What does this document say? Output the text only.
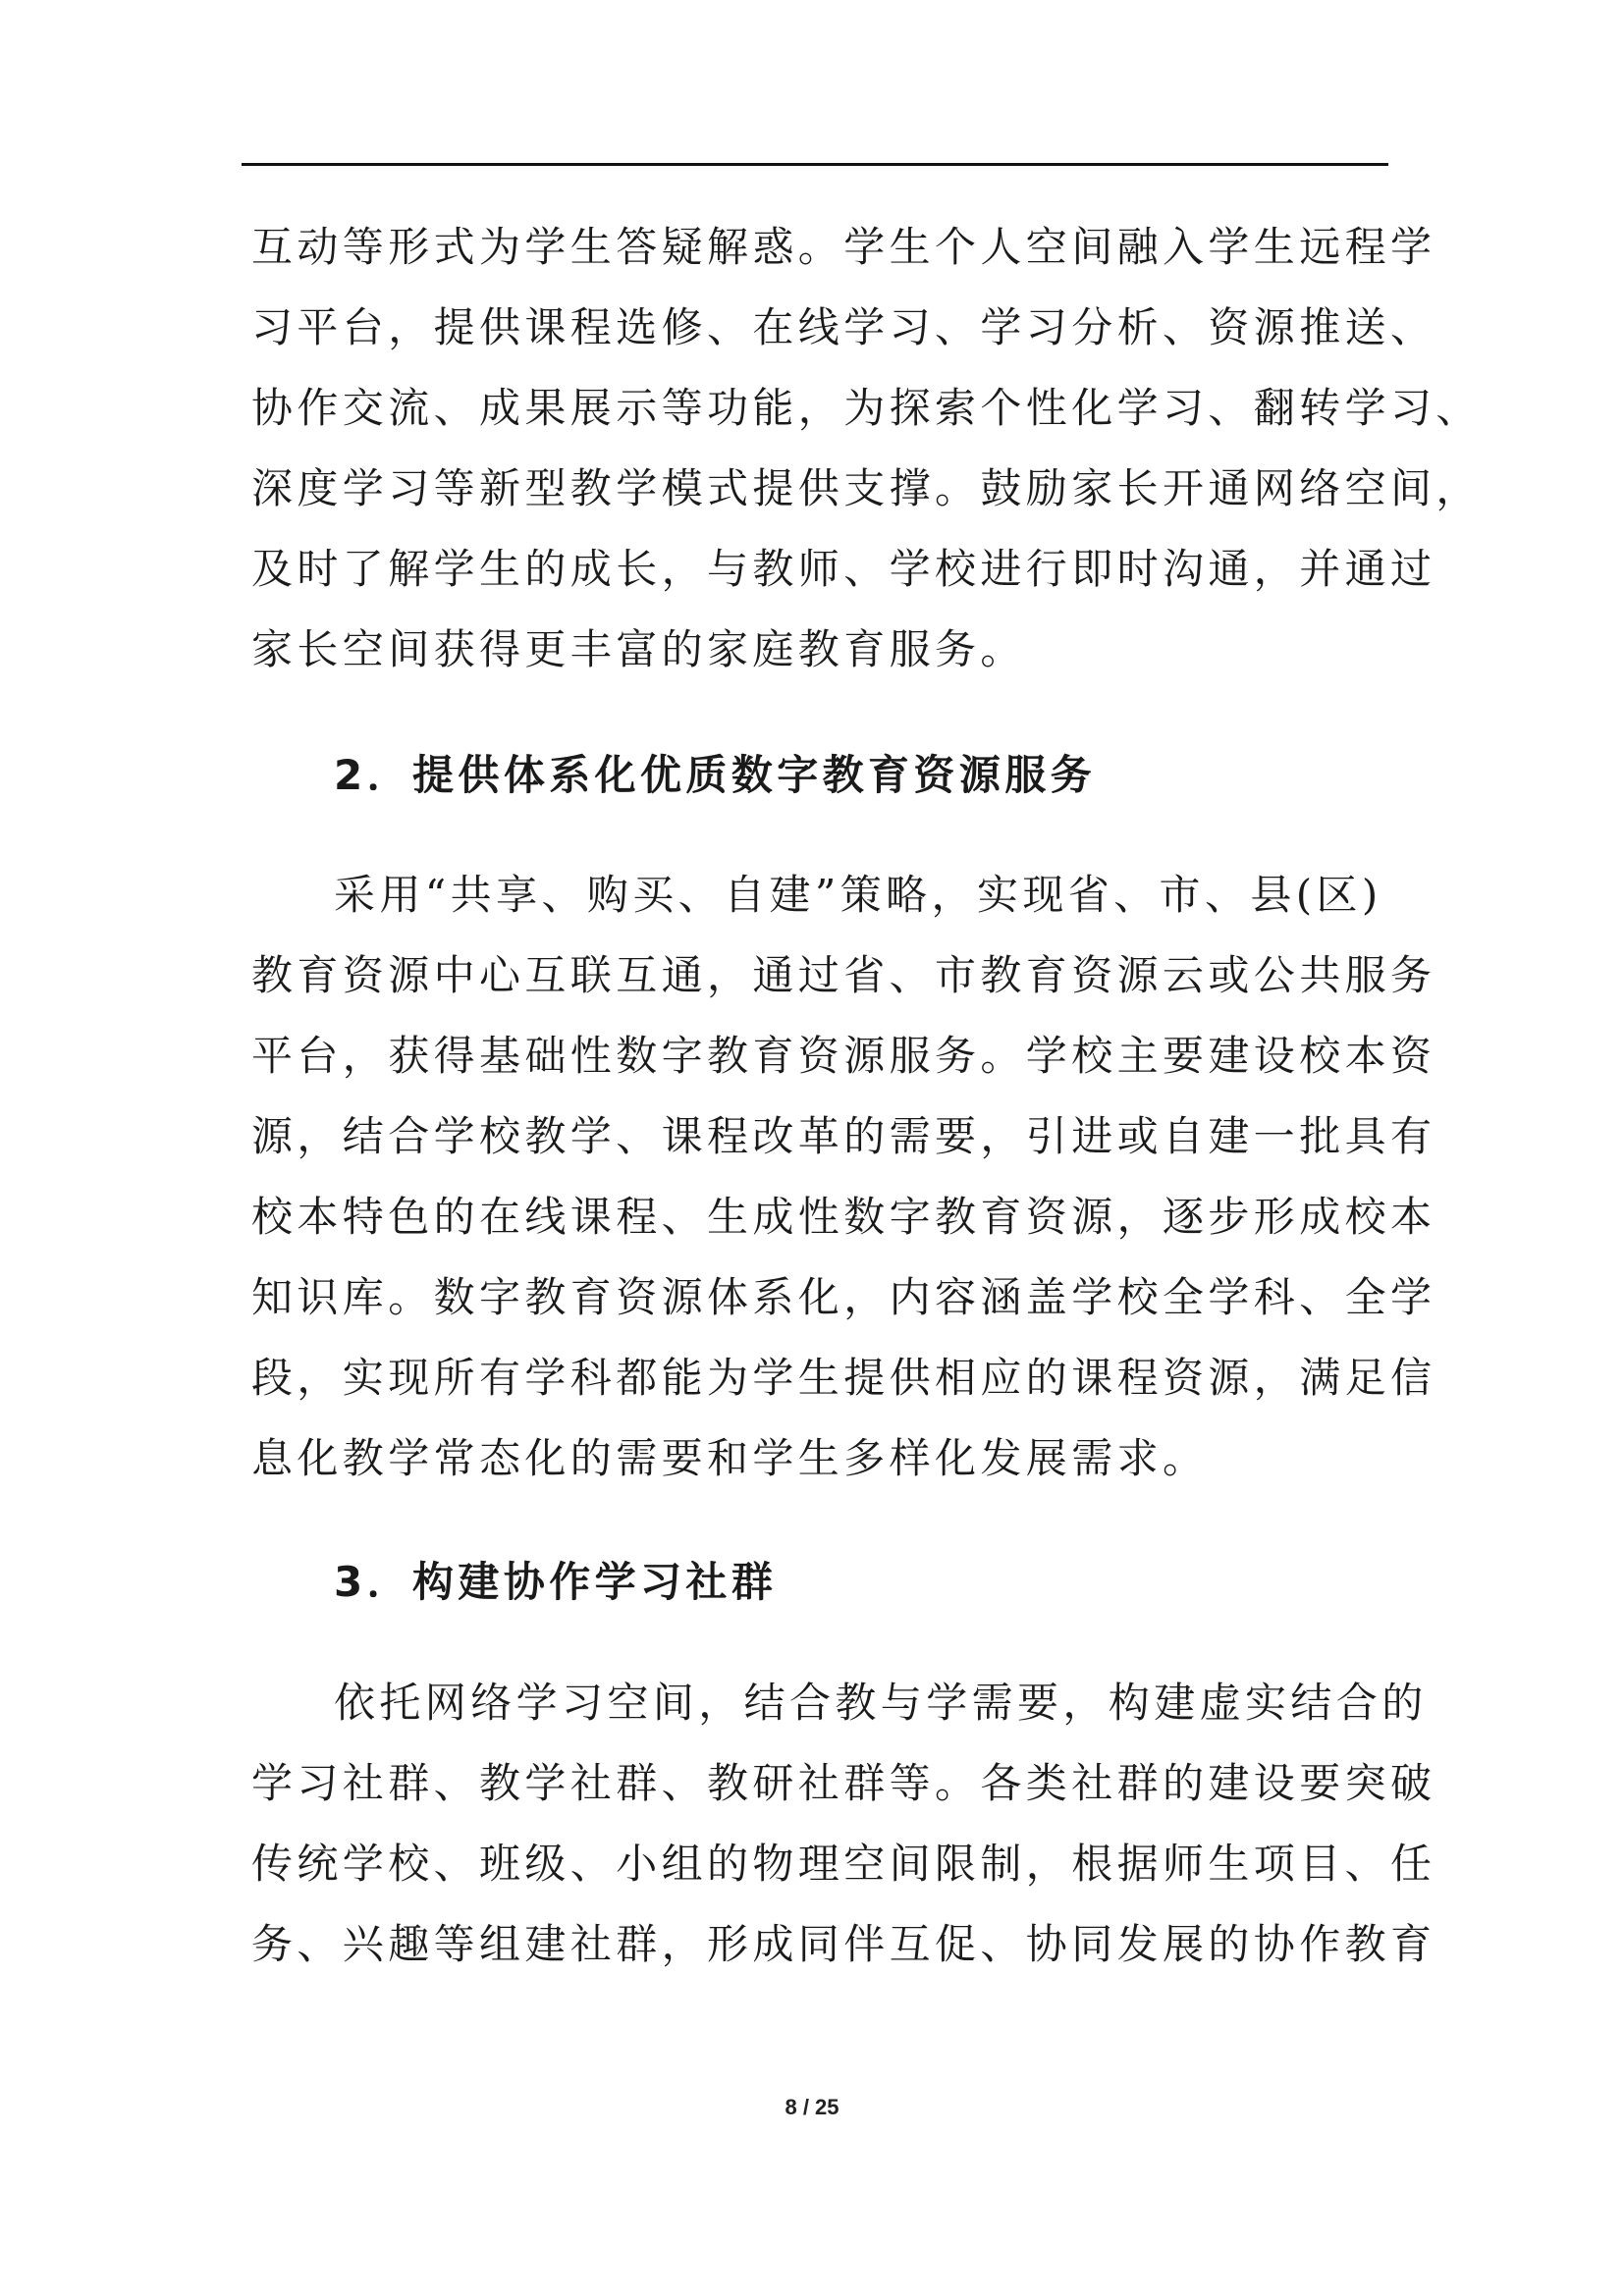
互动等形式为学生答疑解惑。学生个人空间融入学生远程学
习平台，提供课程选修、在线学习、学习分析、资源推送、
协作交流、成果展示等功能，为探索个性化学习、翻转学习、
深度学习等新型教学模式提供支撑。鼓励家长开通网络空间，
及时了解学生的成长，与教师、学校进行即时沟通，并通过
家长空间获得更丰富的家庭教育服务。
2．提供体系化优质数字教育资源服务
采用“共享、购买、自建”策略，实现省、市、县(区)
教育资源中心互联互通，通过省、市教育资源云或公共服务
平台，获得基础性数字教育资源服务。学校主要建设校本资
源，结合学校教学、课程改革的需要，引进或自建一批具有
校本特色的在线课程、生成性数字教育资源，逐步形成校本
知识库。数字教育资源体系化，内容涵盖学校全学科、全学
段，实现所有学科都能为学生提供相应的课程资源，满足信
息化教学常态化的需要和学生多样化发展需求。
3．构建协作学习社群
依托网络学习空间，结合教与学需要，构建虚实结合的
学习社群、教学社群、教研社群等。各类社群的建设要突破
传统学校、班级、小组的物理空间限制，根据师生项目、任
务、兴趣等组建社群，形成同伴互促、协同发展的协作教育
8 / 25
